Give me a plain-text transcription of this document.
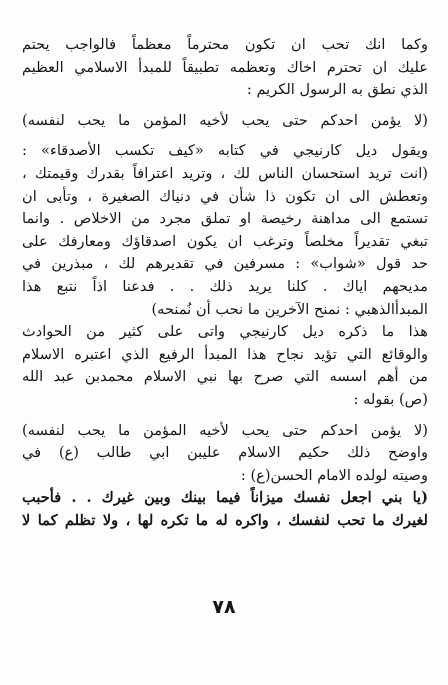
وكما انك تحب ان تكون محترماً معظماً فالواجب يحتم
عليك ان تحترم اخاك وتعظمه تطبيقاً للمبدأ الاسلامي العظيم
الذي نطق به الرسول الكريم :
(لا يؤمن احدكم حتى يحب لأخيه المؤمن ما يحب لنفسه)
ويقول ديل كارنيجي في كتابه «كيف تكسب الأصدقاء» :
(انت تريد استحسان الناس لك ، وتريد اعترافاً بقدرك وقيمتك ،
وتعطش الى ان تكون ذا شأن في دنياك الصغيرة ، وتأبى ان
تستمع الى مداهنة رخيصة او تملق مجرد من الاخلاص . وانما
تبغي تقديراً مخلصاً وترغب ان يكون اصدقاؤك ومعارفك على
حد قول «شواب» : مسرفين في تقديرهم لك ، مبذرين في
مديحهم اياك . كلنا يريد ذلك . . فدعنا اذاً نتبع هذا
المبدأالذهبي : نمنح الآخرين ما نحب أن نُمنحه)
هذا ما ذكره ديل كارنيجي واتى على كثير من الحوادث
والوقائع التي تؤيد نجاح هذا المبدأ الرفيع الذي اعتبره الاسلام
من أهم اسسه التي صرح بها نبي الاسلام محمدبن عبد الله
(ص) بقوله :
(لا يؤمن احدكم حتى يحب لأخيه المؤمن ما يحب لنفسه)
واوضح ذلك حكيم الاسلام عليبن ابي طالب (ع) في
وصيته لولده الامام الحسن(ع) :
(يا بني اجعل نفسك ميزاناً فيما بينك وبين غيرك . . فأحبب
لغيرك ما تحب لنفسك ، واكره له ما تكره لها ، ولا تظلم كما لا
٧٨
